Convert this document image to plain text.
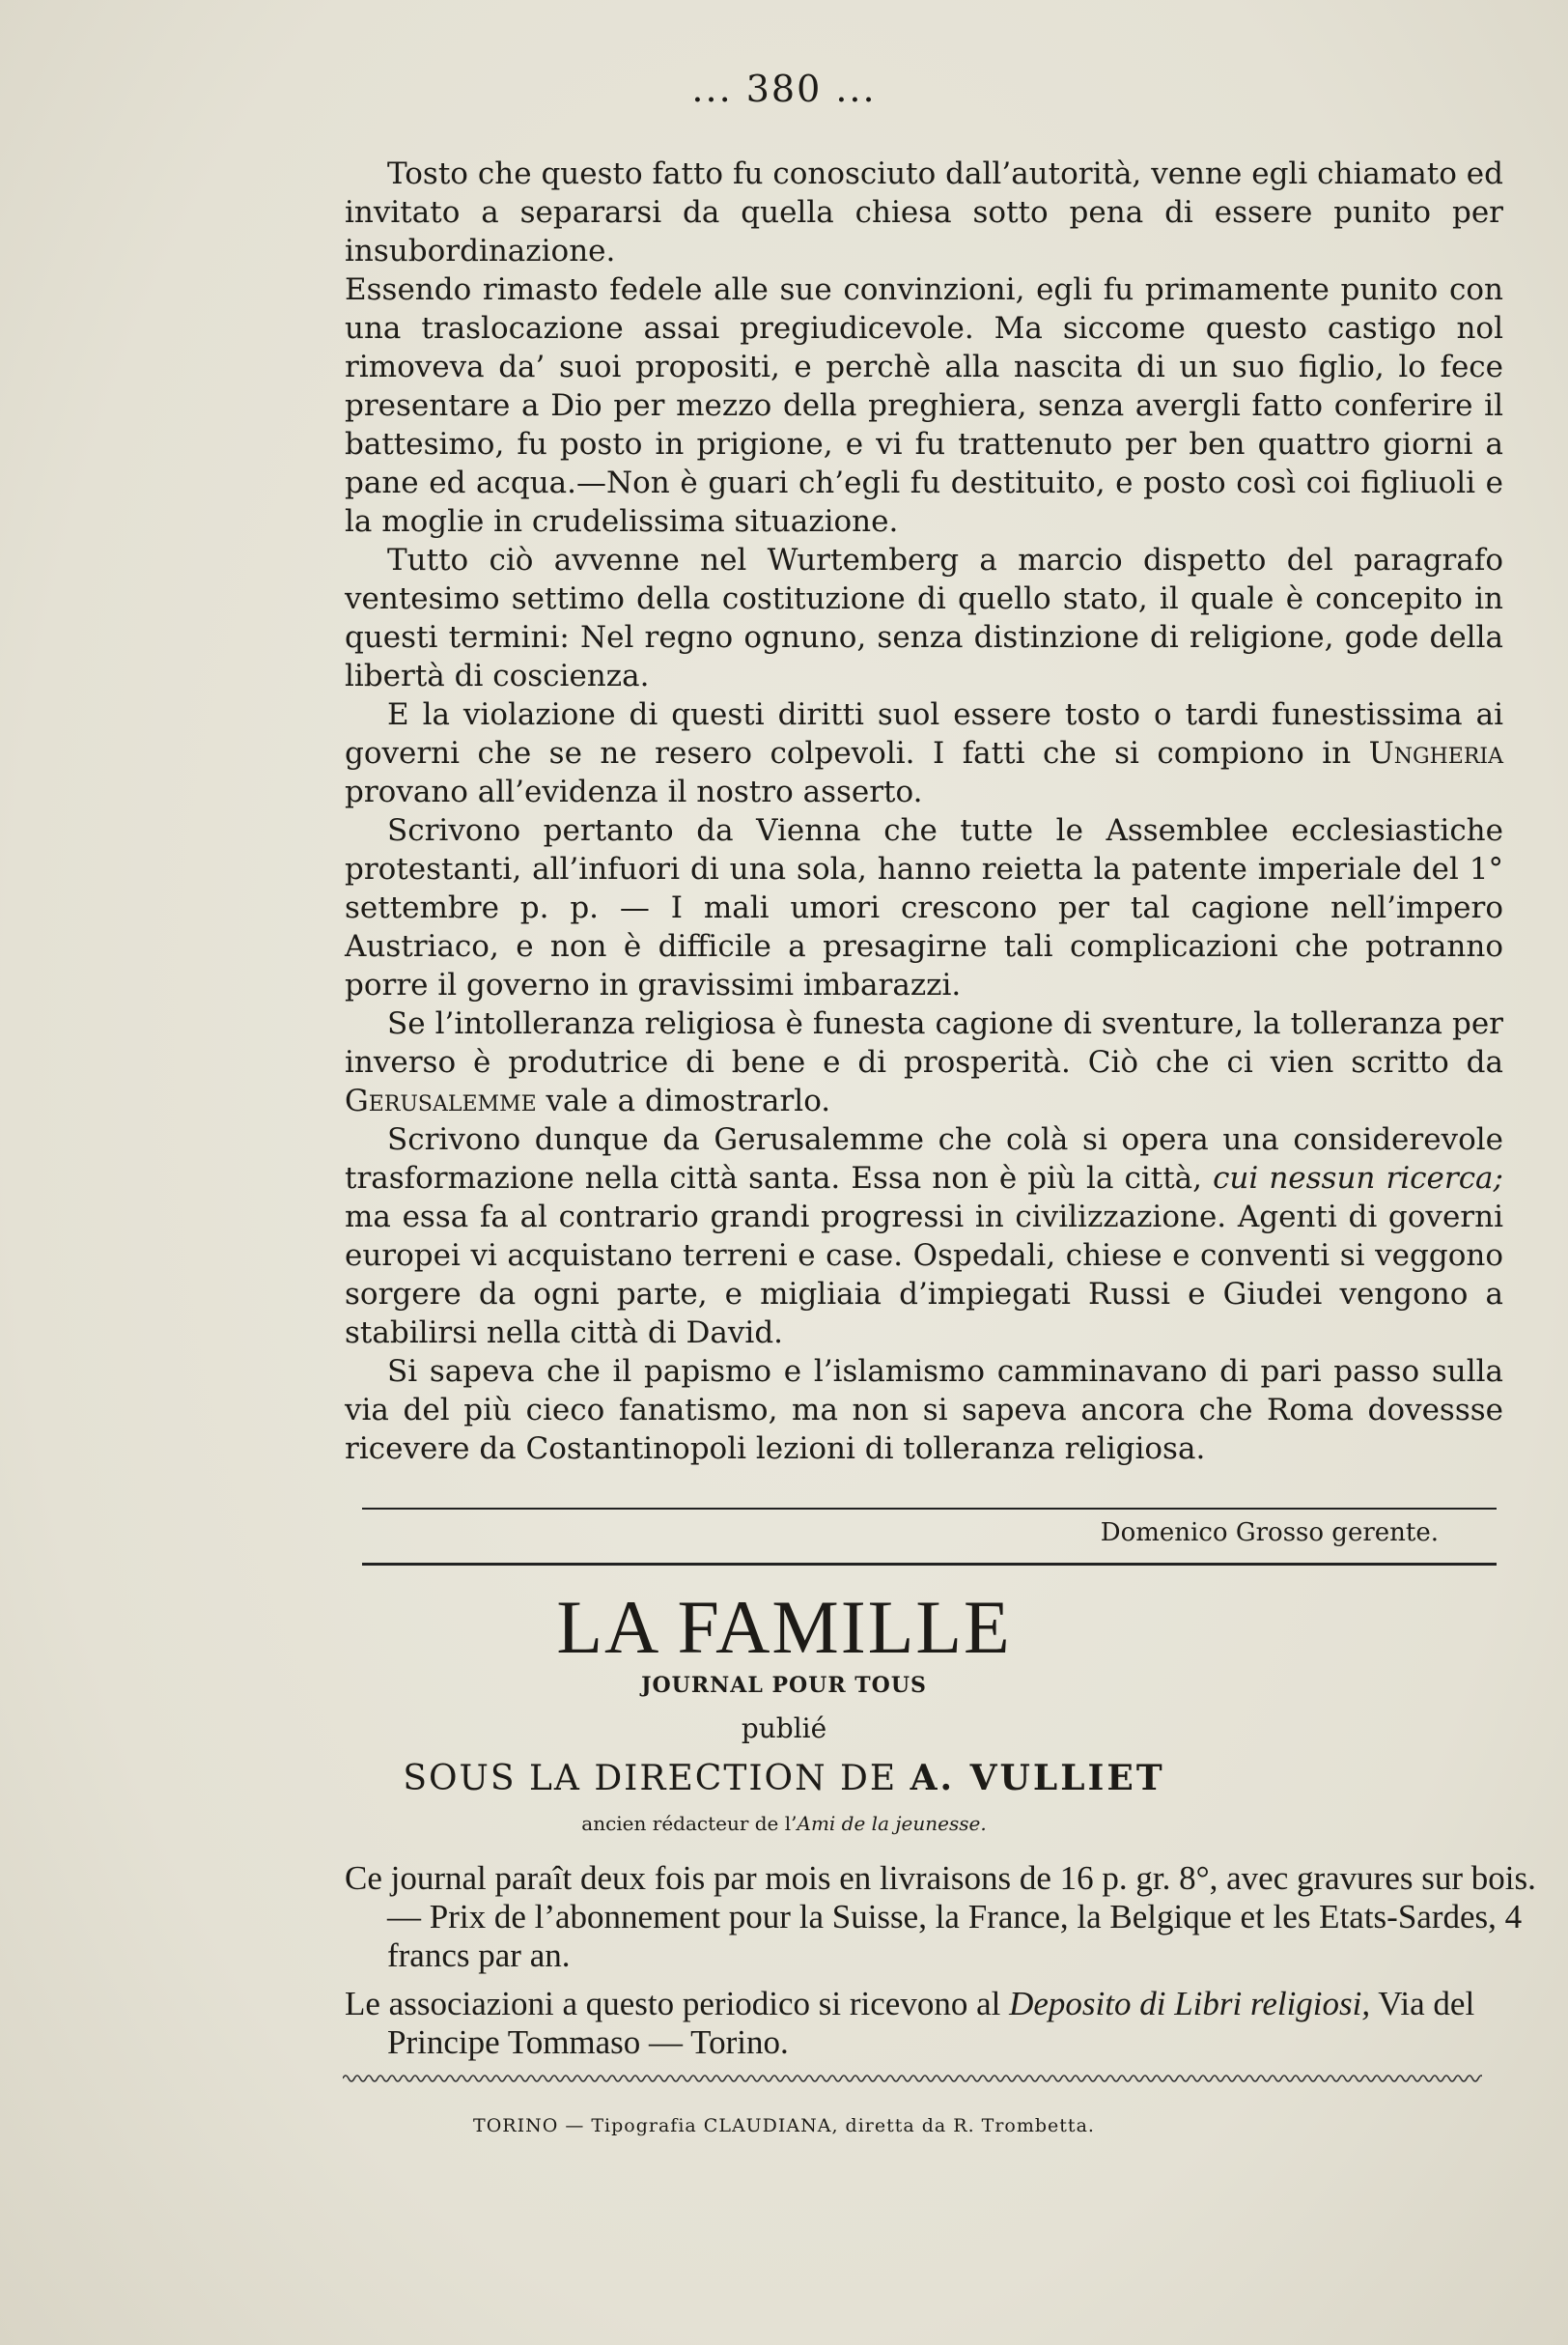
... 380 ...

Tosto che questo fatto fu conosciuto dall’autorità, venne egli chiamato ed invitato a separarsi da quella chiesa sotto pena di essere punito per insubordinazione.

Essendo rimasto fedele alle sue convinzioni, egli fu primamente punito con una traslocazione assai pregiudicevole. Ma siccome questo castigo nol rimoveva da’ suoi propositi, e perchè alla nascita di un suo figlio, lo fece presentare a Dio per mezzo della preghiera, senza avergli fatto conferire il battesimo, fu posto in prigione, e vi fu trattenuto per ben quattro giorni a pane ed acqua.—Non è guari ch’egli fu destituito, e posto così coi figliuoli e la moglie in crudelissima situazione.

Tutto ciò avvenne nel Wurtemberg a marcio dispetto del paragrafo ventesimo settimo della costituzione di quello stato, il quale è concepito in questi termini: Nel regno ognuno, senza distinzione di religione, gode della libertà di coscienza.

E la violazione di questi diritti suol essere tosto o tardi funestissima ai governi che se ne resero colpevoli. I fatti che si compiono in Ungheria provano all’evidenza il nostro asserto.

Scrivono pertanto da Vienna che tutte le Assemblee ecclesiastiche protestanti, all’infuori di una sola, hanno reietta la patente imperiale del 1° settembre p. p. — I mali umori crescono per tal cagione nell’impero Austriaco, e non è difficile a presagirne tali complicazioni che potranno porre il governo in gravissimi imbarazzi.

Se l’intolleranza religiosa è funesta cagione di sventure, la tolleranza per inverso è produtrice di bene e di prosperità. Ciò che ci vien scritto da Gerusalemme vale a dimostrarlo.

Scrivono dunque da Gerusalemme che colà si opera una considerevole trasformazione nella città santa. Essa non è più la città, cui nessun ricerca; ma essa fa al contrario grandi progressi in civilizzazione. Agenti di governi europei vi acquistano terreni e case. Ospedali, chiese e conventi si veggono sorgere da ogni parte, e migliaia d’impiegati Russi e Giudei vengono a stabilirsi nella città di David.

Si sapeva che il papismo e l’islamismo camminavano di pari passo sulla via del più cieco fanatismo, ma non si sapeva ancora che Roma dovessse ricevere da Costantinopoli lezioni di tolleranza religiosa.

Domenico Grosso gerente.
LA FAMILLE
JOURNAL POUR TOUS
publié
SOUS LA DIRECTION DE A. VULLIET
ancien rédacteur de l’Ami de la jeunesse.
Ce journal paraît deux fois par mois en livraisons de 16 p. gr. 8°, avec gravures sur bois.— Prix de l’abonnement pour la Suisse, la France, la Belgique et les Etats-Sardes, 4 francs par an.
Le associazioni a questo periodico si ricevono al Deposito di Libri religiosi, Via del Principe Tommaso — Torino.
TORINO — Tipografia CLAUDIANA, diretta da R. Trombetta.
